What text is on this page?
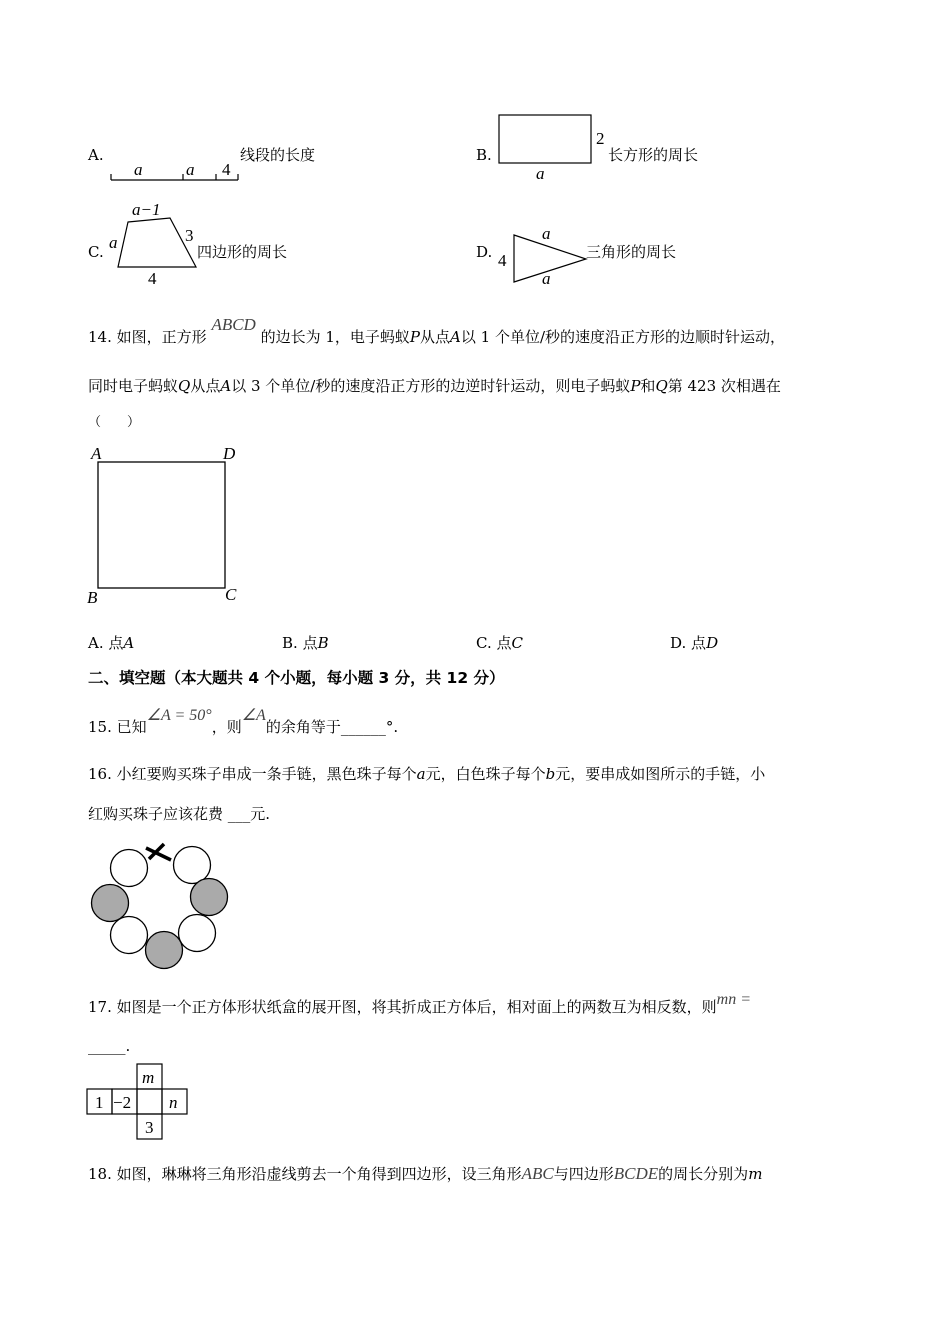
A.
a	a 4
线段的长度	B.
2
a
长方形的周长
C.
a−1
a	3
4
四边形的周长	D.
a
a
4	三角形的周长
14. 如图，正方形 ABCD 的边长为 1，电子蚂蚁P从点A以 1 个单位/秒的速度沿正方形的边顺时针运动，
同时电子蚂蚁Q从点A以 3 个单位/秒的速度沿正方形的边逆时针运动，则电子蚂蚁P和Q第 423 次相遇在
（　　）
A	D
B	C
A. 点A	B. 点B	C. 点C	D. 点D
二、填空题（本大题共 4 个小题，每小题 3 分，共 12 分）
15. 已知∠A = 50°，则∠A的余角等于______°.
16. 小红要购买珠子串成一条手链，黑色珠子每个a元，白色珠子每个b元，要串成如图所示的手链，小
红购买珠子应该花费 ___元.
17. 如图是一个正方体形状纸盒的展开图，将其折成正方体后，相对面上的两数互为相反数，则mn =
_____.
m
1 −2 n
3
18. 如图，琳琳将三角形沿虚线剪去一个角得到四边形，设三角形ABC与四边形BCDE的周长分别为m
